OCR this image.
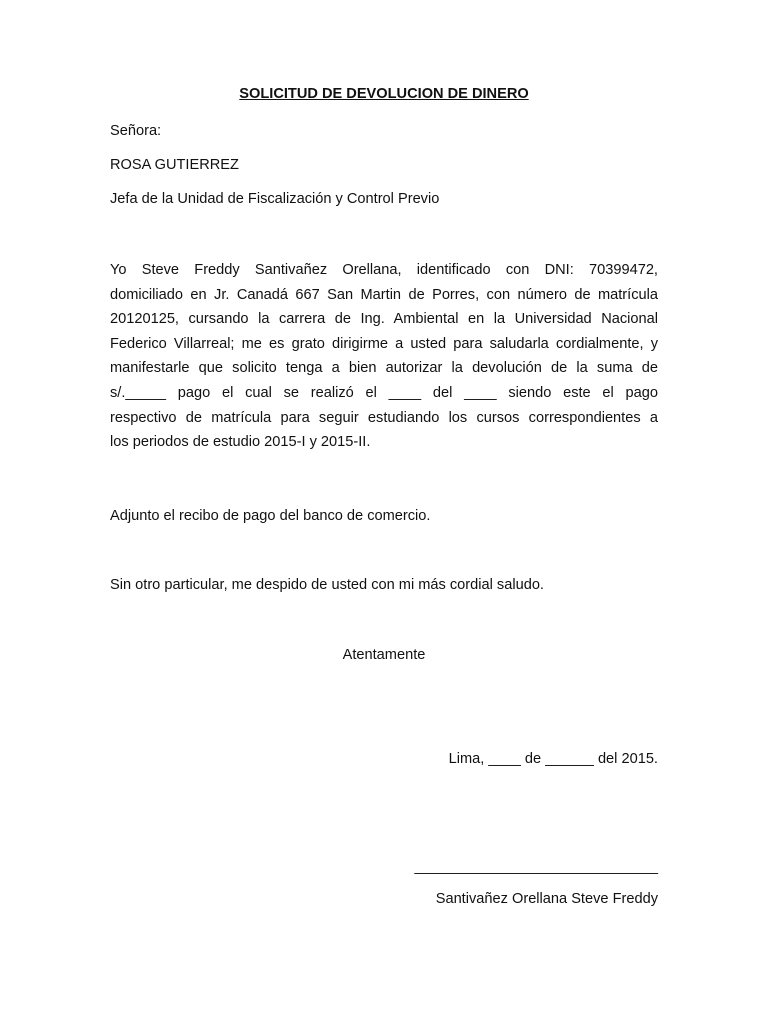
SOLICITUD DE DEVOLUCION DE DINERO
Señora:
ROSA GUTIERREZ
Jefa de la Unidad de Fiscalización y Control Previo
Yo Steve Freddy Santivañez Orellana, identificado con DNI: 70399472,
domiciliado en Jr. Canadá 667 San Martin de Porres, con número de matrícula
20120125, cursando la carrera de Ing. Ambiental en la Universidad Nacional
Federico Villarreal; me es grato dirigirme a usted para saludarla cordialmente, y
manifestarle que solicito tenga a bien autorizar la devolución de la suma de
s/._____ pago el cual se realizó el ____ del ____ siendo este el pago
respectivo de matrícula para seguir estudiando los cursos correspondientes a
los periodos de estudio 2015-I y 2015-II.
Adjunto el recibo de pago del banco de comercio.
Sin otro particular, me despido de usted con mi más cordial saludo.
Atentamente
Lima, ____ de ______ del 2015.
______________________________
Santivañez Orellana Steve Freddy
